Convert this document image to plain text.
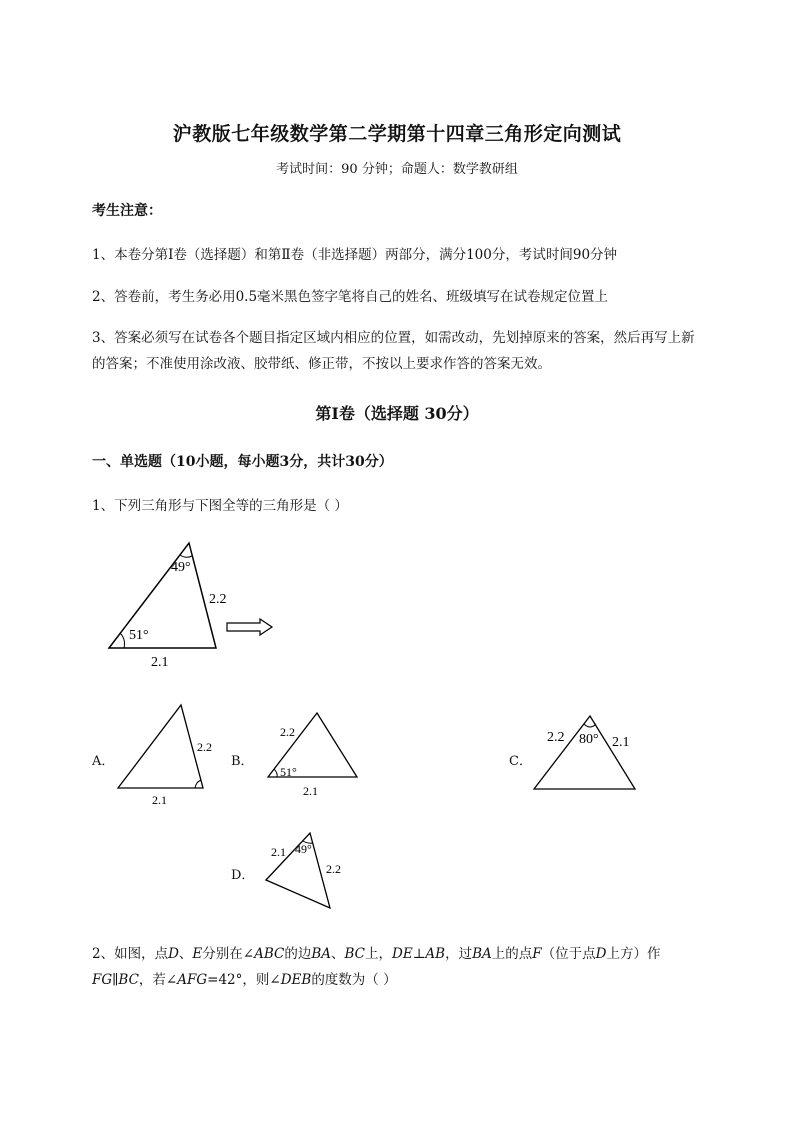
沪教版七年级数学第二学期第十四章三角形定向测试
考试时间：90 分钟；命题人：数学教研组
考生注意：
1、本卷分第Ⅰ卷（选择题）和第Ⅱ卷（非选择题）两部分，满分100分，考试时间90分钟
2、答卷前，考生务必用0.5毫米黑色签字笔将自己的姓名、班级填写在试卷规定位置上
3、答案必须写在试卷各个题目指定区域内相应的位置，如需改动，先划掉原来的答案，然后再写上新
的答案；不准使用涂改液、胶带纸、修正带，不按以上要求作答的答案无效。
第Ⅰ卷（选择题 30分）
一、单选题（10小题，每小题3分，共计30分）
1、下列三角形与下图全等的三角形是（ ）
49°
51°
2.2
2.1
A．
2.2
2.1
B．
2.2
51°
2.1
C．
2.2 80° 2.1
D．
2.1 49°
2.2
2、如图，点D、E分别在∠ABC的边BA、BC上，DE⊥AB，过BA上的点F（位于点D上方）作
FG∥BC，若∠AFG=42°，则∠DEB的度数为（ ）
